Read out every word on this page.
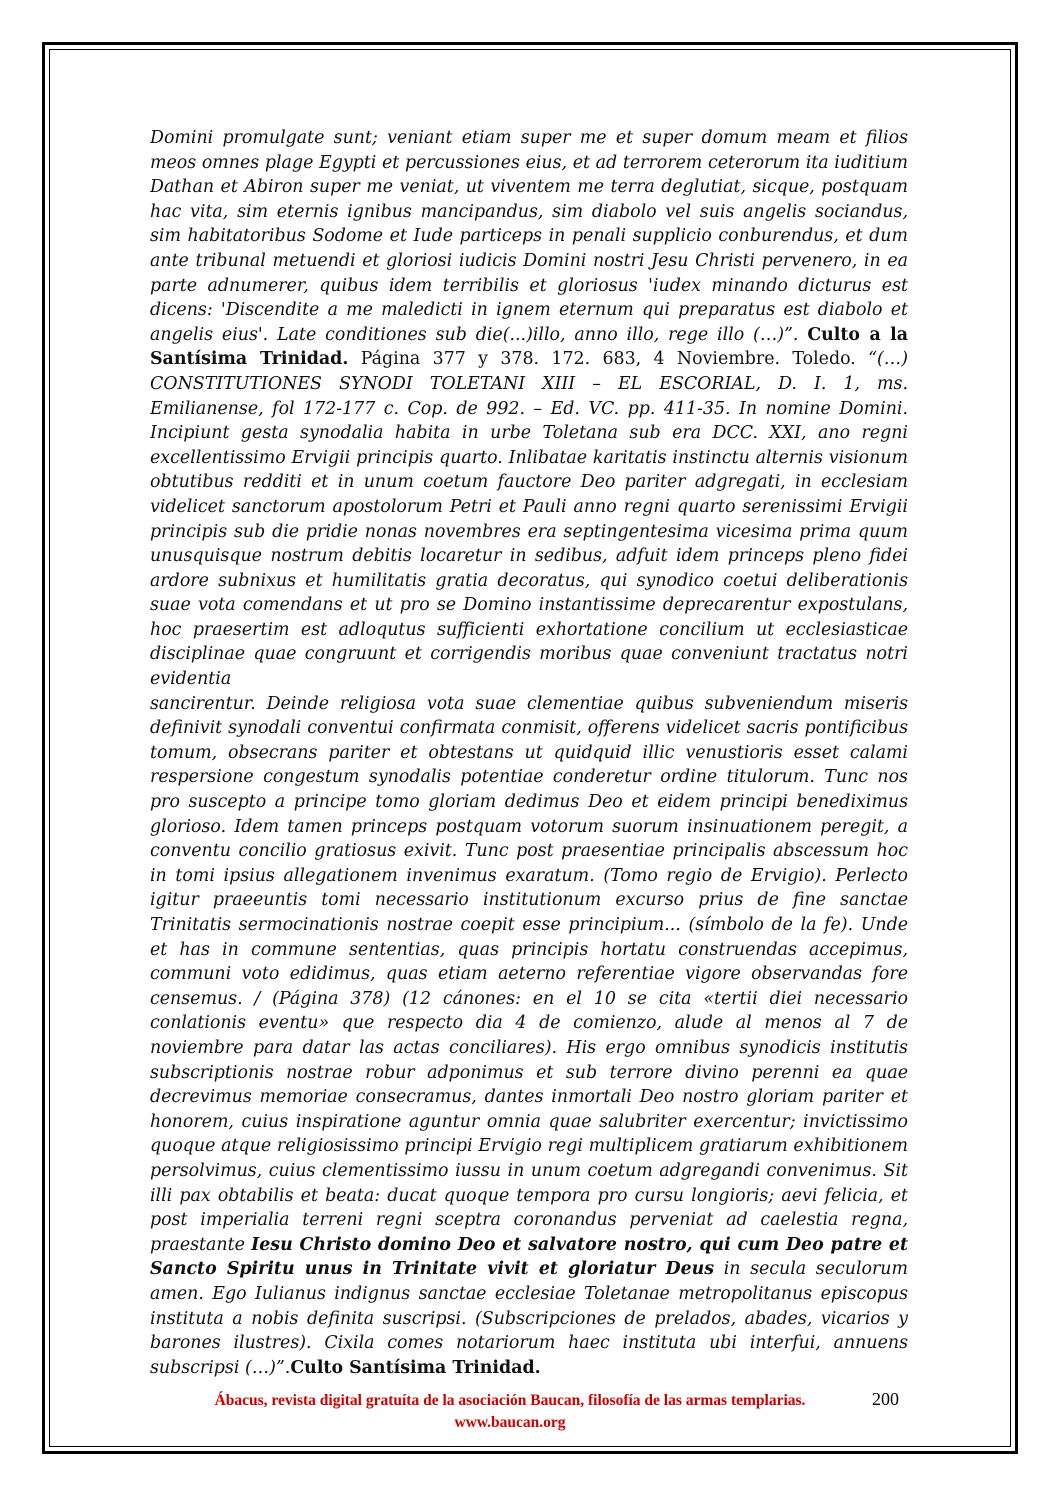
Domini promulgate sunt; veniant etiam super me et super domum meam et filios meos omnes plage Egypti et percussiones eius, et ad terrorem ceterorum ita iuditium Dathan et Abiron super me veniat, ut viventem me terra deglutiat, sicque, postquam hac vita, sim eternis ignibus mancipandus, sim diabolo vel suis angelis sociandus, sim habitatoribus Sodome et Iude particeps in penali supplicio conburendus, et dum ante tribunal metuendi et gloriosi iudicis Domini nostri Jesu Christi pervenero, in ea parte adnumerer, quibus idem terribilis et gloriosus 'iudex minando dicturus est dicens: 'Discendite a me maledicti in ignem eternum qui preparatus est diabolo et angelis eius'. Late conditiones sub die(...)illo, anno illo, rege illo (…)”. Culto a la Santísima Trinidad. Página 377 y 378. 172. 683, 4 Noviembre. Toledo. “(…) CONSTITUTIONES SYNODI TOLETANI XIII – EL ESCORIAL, D. I. 1, ms. Emilianense, fol 172-177 c. Cop. de 992. – Ed. VC. pp. 411-35. In nomine Domini. Incipiunt gesta synodalia habita in urbe Toletana sub era DCC. XXI, ano regni excellentissimo Ervigii principis quarto. Inlibatae karitatis instinctu alternis visionum obtutibus redditi et in unum coetum fauctore Deo pariter adgregati, in ecclesiam videlicet sanctorum apostolorum Petri et Pauli anno regni quarto serenissimi Ervigii principis sub die pridie nonas novembres era septingentesima vicesima prima quum unusquisque nostrum debitis locaretur in sedibus, adfuit idem princeps pleno fidei ardore subnixus et humilitatis gratia decoratus, qui synodico coetui deliberationis suae vota comendans et ut pro se Domino instantissime deprecarentur expostulans, hoc praesertim est adloqutus sufficienti exhortatione concilium ut ecclesiasticae disciplinae quae congruunt et corrigendis moribus quae conveniunt tractatus notri evidentia
sancirentur. Deinde religiosa vota suae clementiae quibus subveniendum miseris definivit synodali conventui confirmata conmisit, offerens videlicet sacris pontificibus tomum, obsecrans pariter et obtestans ut quidquid illic venustioris esset calami respersione congestum synodalis potentiae conderetur ordine titulorum. Tunc nos pro suscepto a principe tomo gloriam dedimus Deo et eidem principi benediximus glorioso. Idem tamen princeps postquam votorum suorum insinuationem peregit, a conventu concilio gratiosus exivit. Tunc post praesentiae principalis abscessum hoc in tomi ipsius allegationem invenimus exaratum. (Tomo regio de Ervigio). Perlecto igitur praeeuntis tomi necessario institutionum excurso prius de fine sanctae Trinitatis sermocinationis nostrae coepit esse principium... (símbolo de la fe). Unde et has in commune sententias, quas principis hortatu construendas accepimus, communi voto edidimus, quas etiam aeterno referentiae vigore observandas fore censemus. / (Página 378) (12 cánones: en el 10 se cita «tertii diei necessario conlationis eventu» que respecto dia 4 de comienzo, alude al menos al 7 de noviembre para datar las actas conciliares). His ergo omnibus synodicis institutis subscriptionis nostrae robur adponimus et sub terrore divino perenni ea quae decrevimus memoriae consecramus, dantes inmortali Deo nostro gloriam pariter et honorem, cuius inspiratione aguntur omnia quae salubriter exercentur; invictissimo quoque atque religiosissimo principi Ervigio regi multiplicem gratiarum exhibitionem persolvimus, cuius clementissimo iussu in unum coetum adgregandi convenimus. Sit illi pax obtabilis et beata: ducat quoque tempora pro cursu longioris; aevi felicia, et post imperialia terreni regni sceptra coronandus perveniat ad caelestia regna, praestante Iesu Christo domino Deo et salvatore nostro, qui cum Deo patre et Sancto Spiritu unus in Trinitate vivit et gloriatur Deus in secula seculorum amen. Ego Iulianus indignus sanctae ecclesiae Toletanae metropolitanus episcopus instituta a nobis definita suscripsi. (Subscripciones de prelados, abades, vicarios y barones ilustres). Cixila comes notariorum haec instituta ubi interfui, annuens subscripsi (…)”.Culto Santísima Trinidad.
Ábacus, revista digital gratuíta de la asociación Baucan, filosofía de las armas templarias.
www.baucan.org
200
